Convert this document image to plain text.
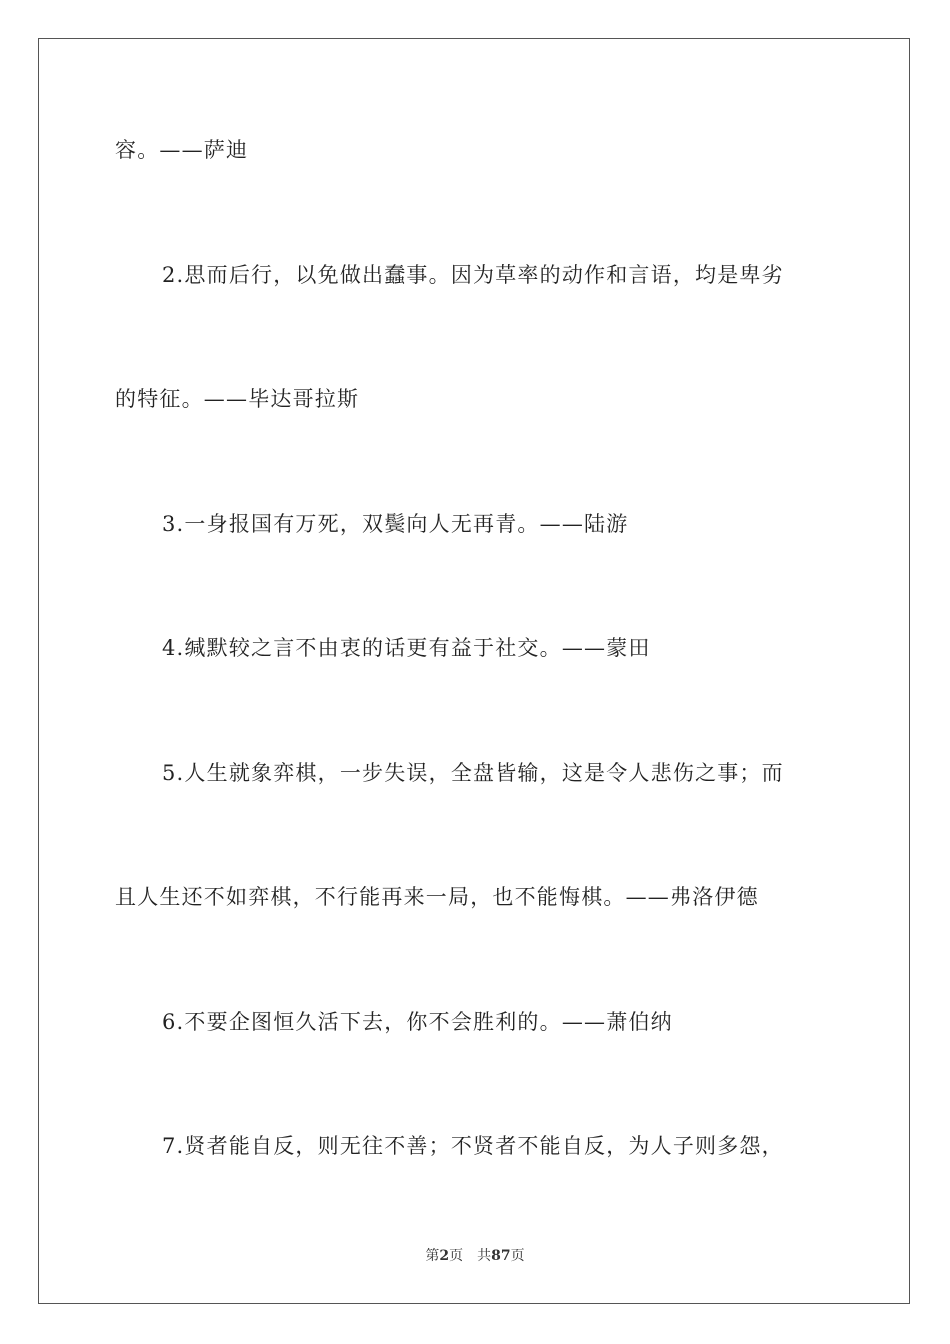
容。——萨迪
2.思而后行，以免做出蠢事。因为草率的动作和言语，均是卑劣
的特征。——毕达哥拉斯
3.一身报国有万死，双鬓向人无再青。——陆游
4.缄默较之言不由衷的话更有益于社交。——蒙田
5.人生就象弈棋，一步失误，全盘皆输，这是令人悲伤之事；而
且人生还不如弈棋，不行能再来一局，也不能悔棋。——弗洛伊德
6.不要企图恒久活下去，你不会胜利的。——萧伯纳
7.贤者能自反，则无往不善；不贤者不能自反，为人子则多怨，
第2页 共87页
